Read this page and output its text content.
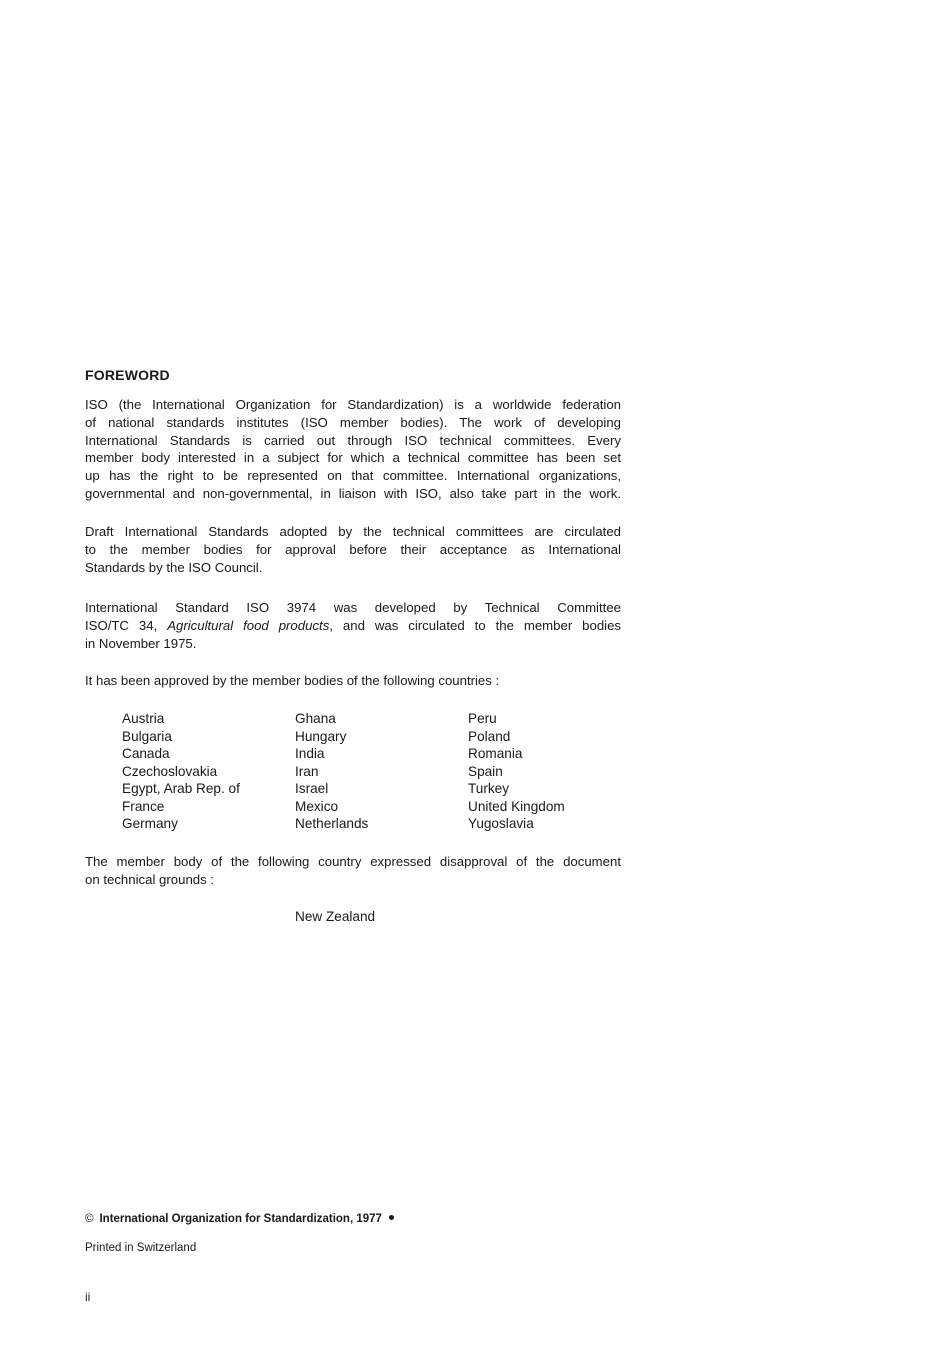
FOREWORD
ISO (the International Organization for Standardization) is a worldwide federation
of national standards institutes (ISO member bodies). The work of developing
International Standards is carried out through ISO technical committees. Every
member body interested in a subject for which a technical committee has been set
up has the right to be represented on that committee. International organizations,
governmental and non-governmental, in liaison with ISO, also take part in the work.
Draft International Standards adopted by the technical committees are circulated
to the member bodies for approval before their acceptance as International
Standards by the ISO Council.
International Standard ISO 3974 was developed by Technical Committee
ISO/TC 34, Agricultural food products, and was circulated to the member bodies
in November 1975.
It has been approved by the member bodies of the following countries :
Austria
Bulgaria
Canada
Czechoslovakia
Egypt, Arab Rep. of
France
Germany
Ghana
Hungary
India
Iran
Israel
Mexico
Netherlands
Peru
Poland
Romania
Spain
Turkey
United Kingdom
Yugoslavia
The member body of the following country expressed disapproval of the document
on technical grounds :
New Zealand
© International Organization for Standardization, 1977
Printed in Switzerland
ii
